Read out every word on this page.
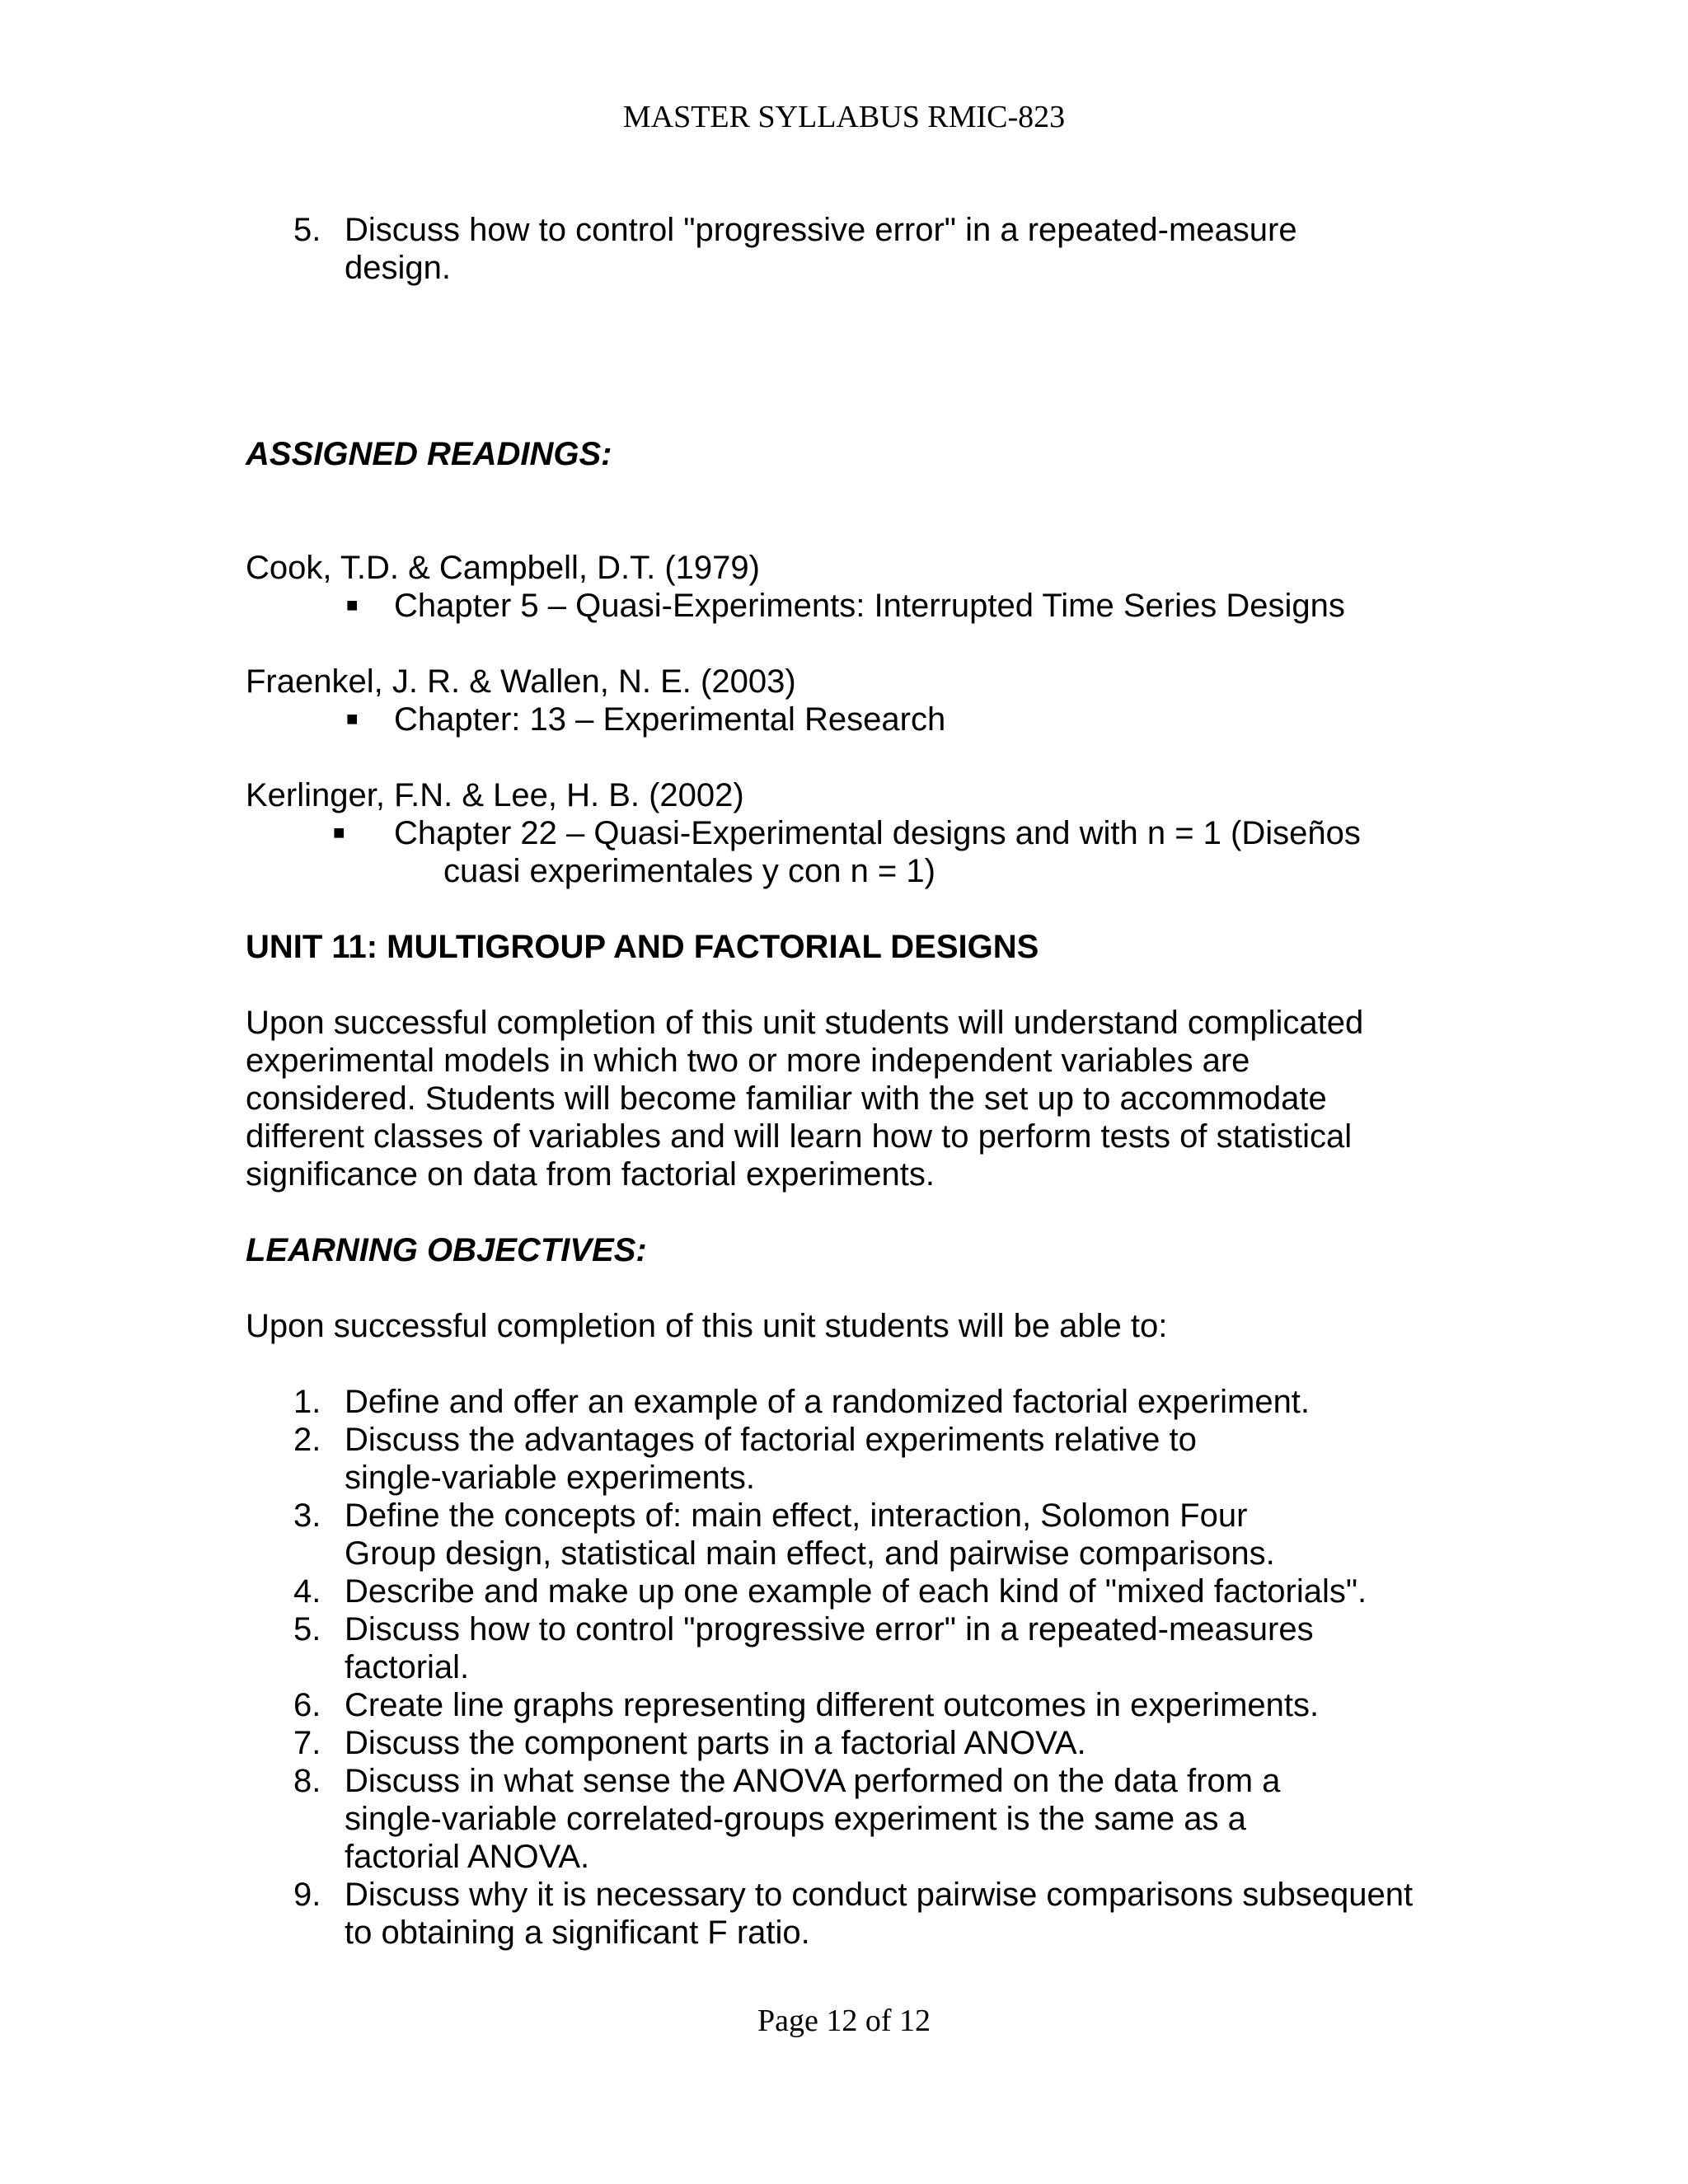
MASTER SYLLABUS RMIC-823
5. Discuss how to control "progressive error" in a repeated-measure
design.

ASSIGNED READINGS:

Cook, T.D. & Campbell, D.T. (1979)

■ Chapter 5 – Quasi-Experiments: Interrupted Time Series Designs

Fraenkel, J. R. & Wallen, N. E. (2003)

■ Chapter: 13 – Experimental Research

Kerlinger, F.N. & Lee, H. B. (2002)

■ Chapter 22 – Quasi-Experimental designs and with n = 1 (Diseños
cuasi experimentales y con n = 1)

UNIT 11: MULTIGROUP AND FACTORIAL DESIGNS

Upon successful completion of this unit students will understand complicated
experimental models in which two or more independent variables are
considered. Students will become familiar with the set up to accommodate
different classes of variables and will learn how to perform tests of statistical
significance on data from factorial experiments.

LEARNING OBJECTIVES:

Upon successful completion of this unit students will be able to:

1. Define and offer an example of a randomized factorial experiment.
2. Discuss the advantages of factorial experiments relative to
single-variable experiments.
3. Define the concepts of: main effect, interaction, Solomon Four
Group design, statistical main effect, and pairwise comparisons.
4. Describe and make up one example of each kind of "mixed factorials".
5. Discuss how to control "progressive error" in a repeated-measures
factorial.
6. Create line graphs representing different outcomes in experiments.
7. Discuss the component parts in a factorial ANOVA.
8. Discuss in what sense the ANOVA performed on the data from a
single-variable correlated-groups experiment is the same as a
factorial ANOVA.
9. Discuss why it is necessary to conduct pairwise comparisons subsequent
to obtaining a significant F ratio.
Page 12 of 12
